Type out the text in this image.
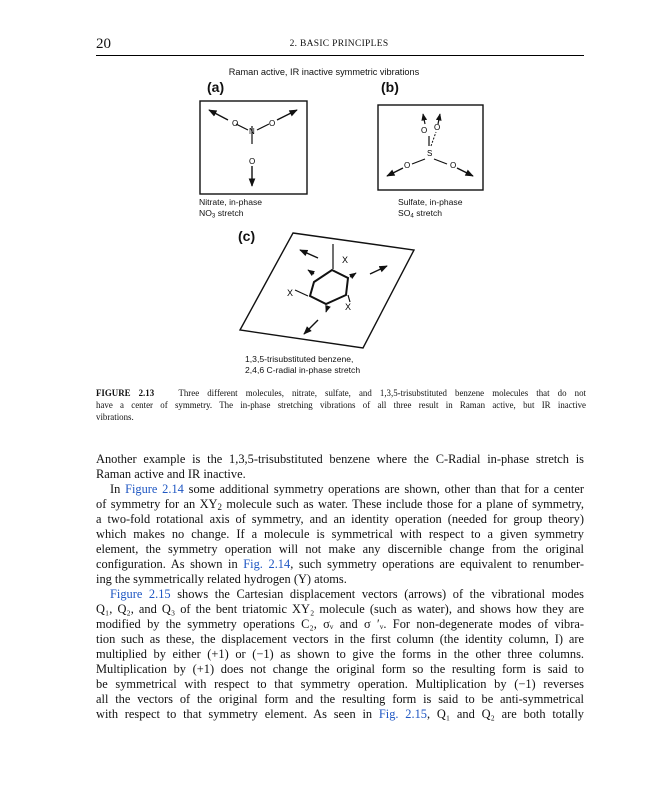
20	2. BASIC PRINCIPLES
Raman active, IR inactive symmetric vibrations
(a)	(b)
O	O
N
O
O O
S
O	O
Nitrate, in-phase
$NO_3$ stretch
Sulfate, in-phase
$SO_4$ stretch
(c)
X
X
X
1,3,5-trisubstituted benzene,
2,4,6 C-radial in-phase stretch
FIGURE 2.13	Three different molecules, nitrate, sulfate, and 1,3,5-trisubstituted benzene molecules that do not
have a center of symmetry. The in-phase stretching vibrations of all three result in Raman active, but IR inactive
vibrations.
Another example is the 1,3,5-trisubstituted benzene where the C-Radial in-phase stretch is
Raman active and IR inactive.
In Figure 2.14 some additional symmetry operations are shown, other than that for a center
of symmetry for an $XY_2$ molecule such as water. These include those for a plane of symmetry,
a two-fold rotational axis of symmetry, and an identity operation (needed for group theory)
which makes no change. If a molecule is symmetrical with respect to a given symmetry
element, the symmetry operation will not make any discernible change from the original
configuration. As shown in Fig. 2.14, such symmetry operations are equivalent to renumber-
ing the symmetrically related hydrogen (Y) atoms.
Figure 2.15 shows the Cartesian displacement vectors (arrows) of the vibrational modes
Q₁, Q₂, and Q₃ of the bent triatomic XY₂ molecule (such as water), and shows how they are
modified by the symmetry operations C₂, σᵥ and σ ′ᵥ. For non-degenerate modes of vibra-
tion such as these, the displacement vectors in the first column (the identity column, I) are
multiplied by either (+1) or (−1) as shown to give the forms in the other three columns.
Multiplication by (+1) does not change the original form so the resulting form is said to
be symmetrical with respect to that symmetry operation. Multiplication by (−1) reverses
all the vectors of the original form and the resulting form is said to be anti-symmetrical
with respect to that symmetry element. As seen in Fig. 2.15, Q₁ and Q₂ are both totally
